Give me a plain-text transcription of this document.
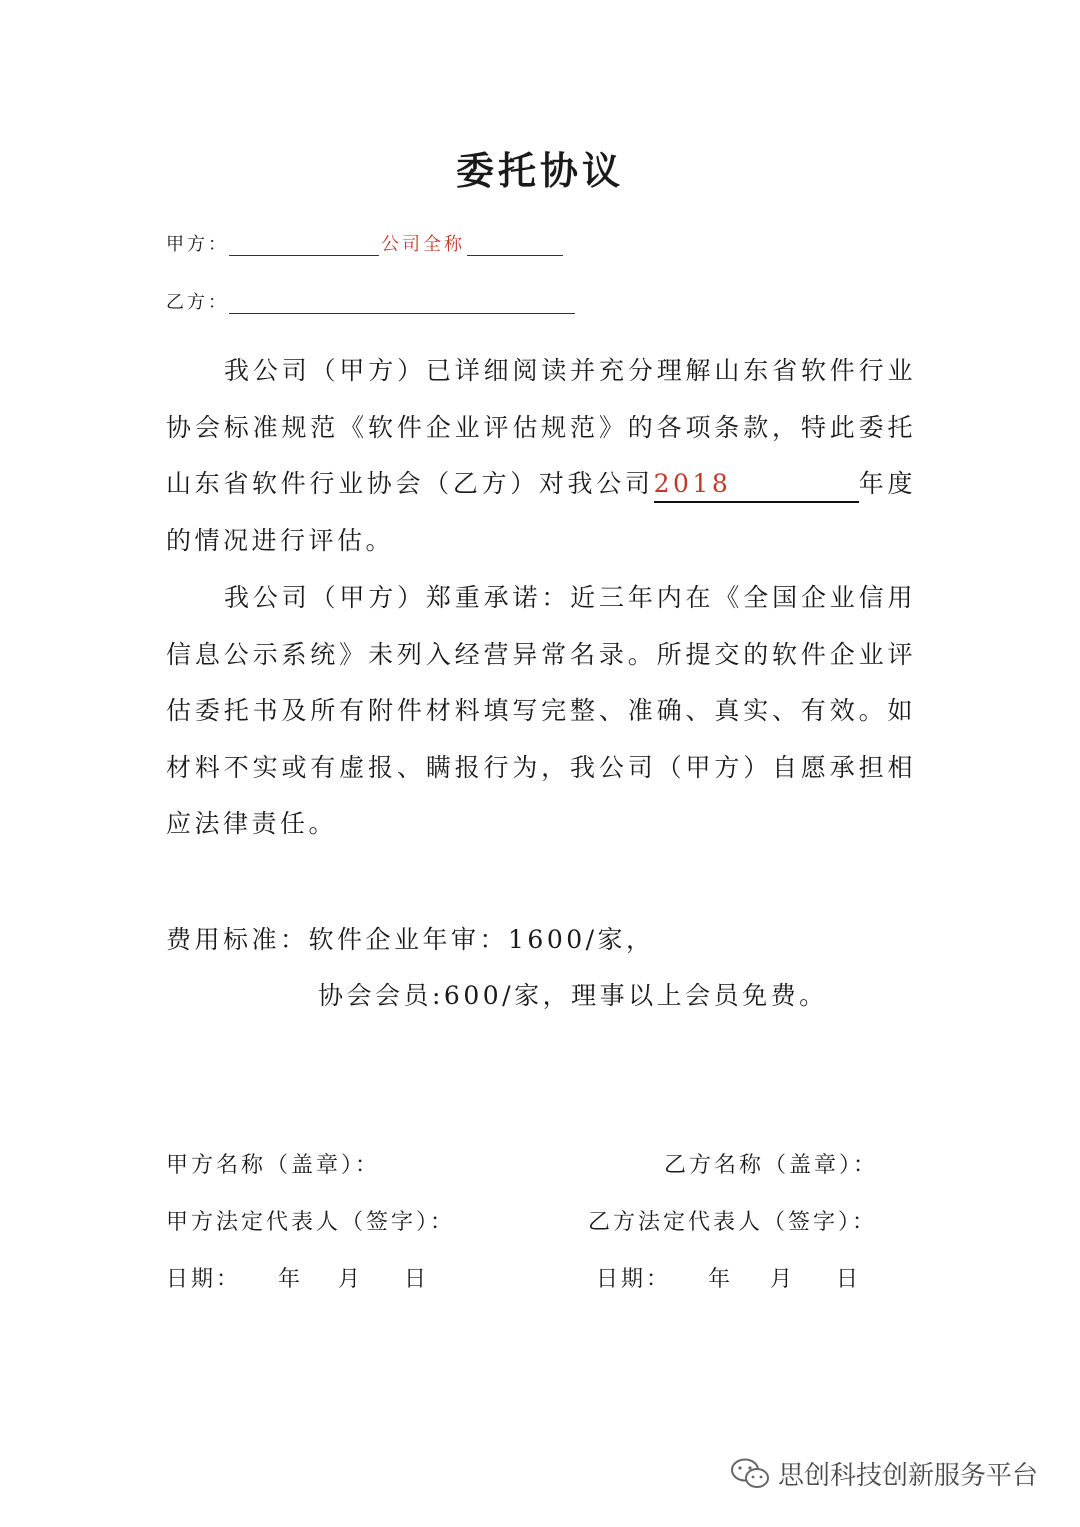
委托协议
甲方：	公司全称
乙方：
我公司（甲方）已详细阅读并充分理解山东省软件行业
协会标准规范《软件企业评估规范》的各项条款，特此委托
山东省软件行业协会（乙方）对我公司2018	年度
的情况进行评估。
我公司（甲方）郑重承诺：近三年内在《全国企业信用
信息公示系统》未列入经营异常名录。所提交的软件企业评
估委托书及所有附件材料填写完整、准确、真实、有效。如
材料不实或有虚报、瞒报行为，我公司（甲方）自愿承担相
应法律责任。
费用标准：软件企业年审：1600/家，
协会会员:600/家，理事以上会员免费。
甲方名称（盖章）：	乙方名称（盖章）：
甲方法定代表人（签字）：	乙方法定代表人（签字）：
日期： 年 月 日	日期： 年 月 日
思创科技创新服务平台
